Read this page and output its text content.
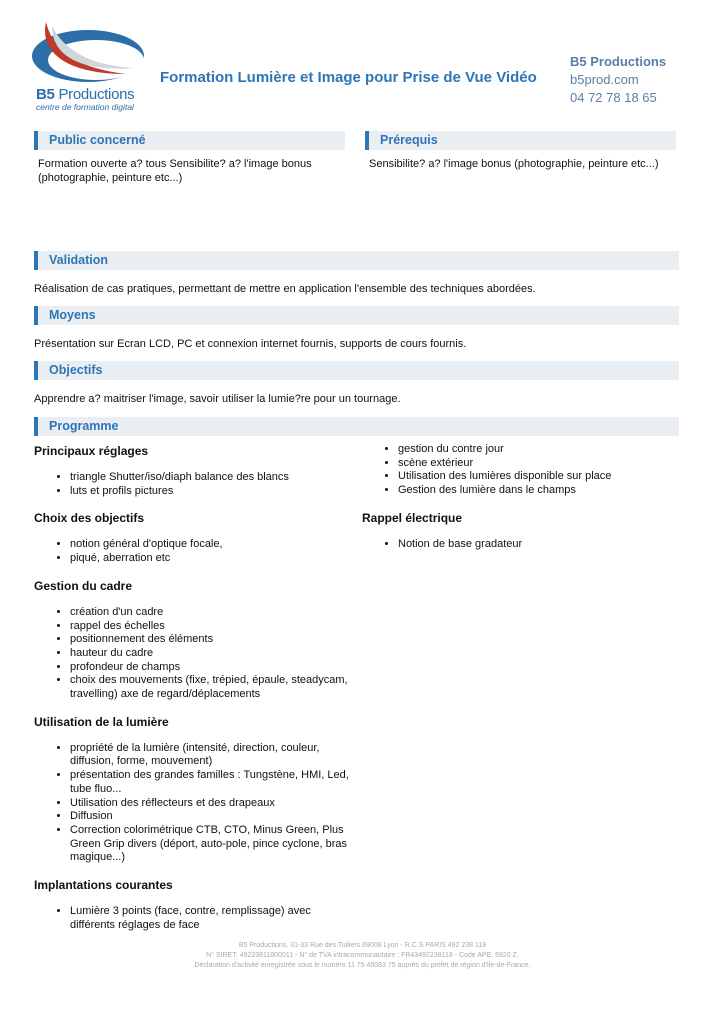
B5 Productions
centre de formation digital
Formation Lumière et Image pour Prise de Vue Vidéo
B5 Productions
b5prod.com
04 72 78 18 65
Public concerné
Formation ouverte a? tous Sensibilite? a? l'image bonus (photographie, peinture etc...)
Prérequis
Sensibilite? a? l'image bonus (photographie, peinture etc...)
Validation
Réalisation de cas pratiques, permettant de mettre en application l'ensemble des techniques abordées.
Moyens
Présentation sur Ecran LCD, PC et connexion internet fournis, supports de cours fournis.
Objectifs
Apprendre a? maitriser l'image, savoir utiliser la lumie?re pour un tournage.
Programme
Principaux réglages
• triangle Shutter/iso/diaph balance des blancs
• luts et profils pictures
Choix des objectifs
• notion général d'optique focale,
• piqué, aberration etc
Gestion du cadre
• création d'un cadre
• rappel des échelles
• positionnement des éléments
• hauteur du cadre
• profondeur de champs
• choix des mouvements (fixe, trépied, épaule, steadycam, travelling) axe de regard/déplacements
Utilisation de la lumière
• propriété de la lumière (intensité, direction, couleur, diffusion, forme, mouvement)
• présentation des grandes familles : Tungstène, HMI, Led, tube fluo...
• Utilisation des réflecteurs et des drapeaux
• Diffusion
• Correction colorimétrique CTB, CTO, Minus Green, Plus Green Grip divers (déport, auto-pole, pince cyclone, bras magique...)
Implantations courantes
• Lumière 3 points (face, contre, remplissage) avec différents réglages de face
• gestion du contre jour
• scène extérieur
• Utilisation des lumières disponible sur place
• Gestion des lumière dans le champs
Rappel électrique
• Notion de base gradateur
B5 Productions, 31-33 Rue des Tuiliers 69008 Lyon - R.C.S PARIS 492 238 118
N° SIRET: 49223811800011 - N° de TVA intracommunautaire : FR43492238118 - Code APE: 5920 Z.
Déclaration d'activité enregistrée sous le numéro 11 75 45083 75 auprès du préfet de région d'Ile-de-France.
